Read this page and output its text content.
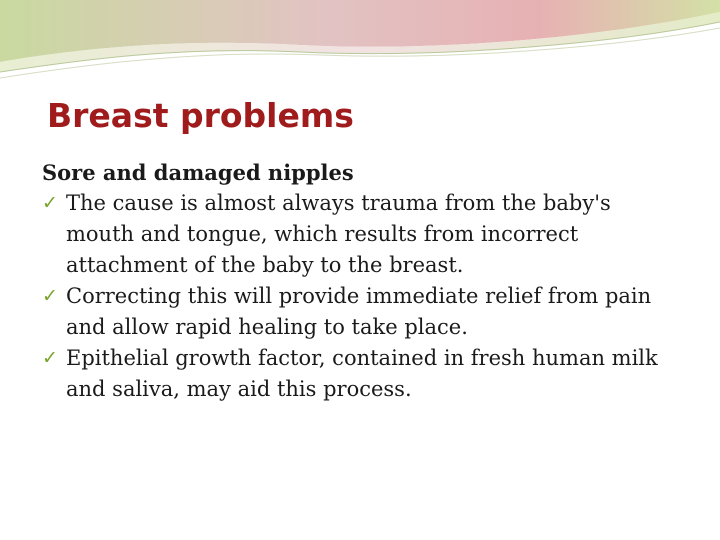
Breast problems

Sore and damaged nipples

✓ The cause is almost always trauma from the baby's mouth and tongue, which results from incorrect attachment of the baby to the breast.
✓ Correcting this will provide immediate relief from pain and allow rapid healing to take place.
✓ Epithelial growth factor, contained in fresh human milk and saliva, may aid this process.
